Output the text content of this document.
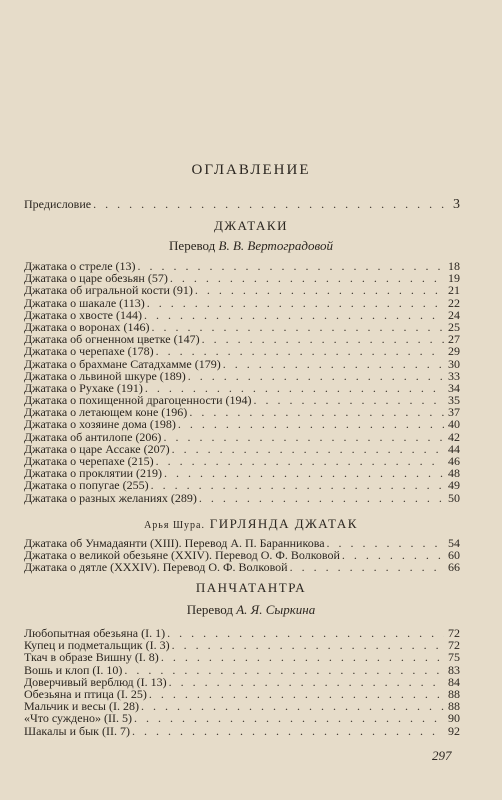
ОГЛАВЛЕНИЕ
Предисловие . . .	3
ДЖАТАКИ
Перевод В. В. Вертоградовой
Джатака о стреле (13) . . .	18
Джатака о царе обезьян (57) . . .	19
Джатака об игральной кости (91) . . .	21
Джатака о шакале (113) . . .	22
Джатака о хвосте (144) . . .	24
Джатака о воронах (146) . . .	25
Джатака об огненном цветке (147) . . .	27
Джатака о черепахе (178) . . .	29
Джатака о брахмане Сатадхамме (179) . . .	30
Джатака о львиной шкуре (189) . . .	33
Джатака о Рухаке (191) . . .	34
Джатака о похищенной драгоценности (194) . . .	35
Джатака о летающем коне (196) . . .	37
Джатака о хозяине дома (198) . . .	40
Джатака об антилопе (206) . . .	42
Джатака о царе Ассаке (207) . . .	44
Джатака о черепахе (215) . . .	46
Джатака о проклятии (219) . . .	48
Джатака о попугае (255) . . .	49
Джатака о разных желаниях (289) . . .	50
Арья Шура. ГИРЛЯНДА ДЖАТАК
Джатака об Унмадаянти (XIII). Перевод А. П. Баранникова . . .	54
Джатака о великой обезьяне (XXIV). Перевод О. Ф. Волковой . . .	60
Джатака о дятле (XXXIV). Перевод О. Ф. Волковой . . .	66
ПАНЧАТАНТРА
Перевод А. Я. Сыркина
Любопытная обезьяна (I. 1) . . .	72
Купец и подметальщик (I. 3) . . .	72
Ткач в образе Вишну (I. 8) . . .	75
Вошь и клоп (I. 10) . . .	83
Доверчивый верблюд (I. 13) . . .	84
Обезьяна и птица (I. 25) . . .	88
Мальчик и весы (I. 28) . . .	88
«Что суждено» (II. 5) . . .	90
Шакалы и бык (II. 7) . . .	92
297
